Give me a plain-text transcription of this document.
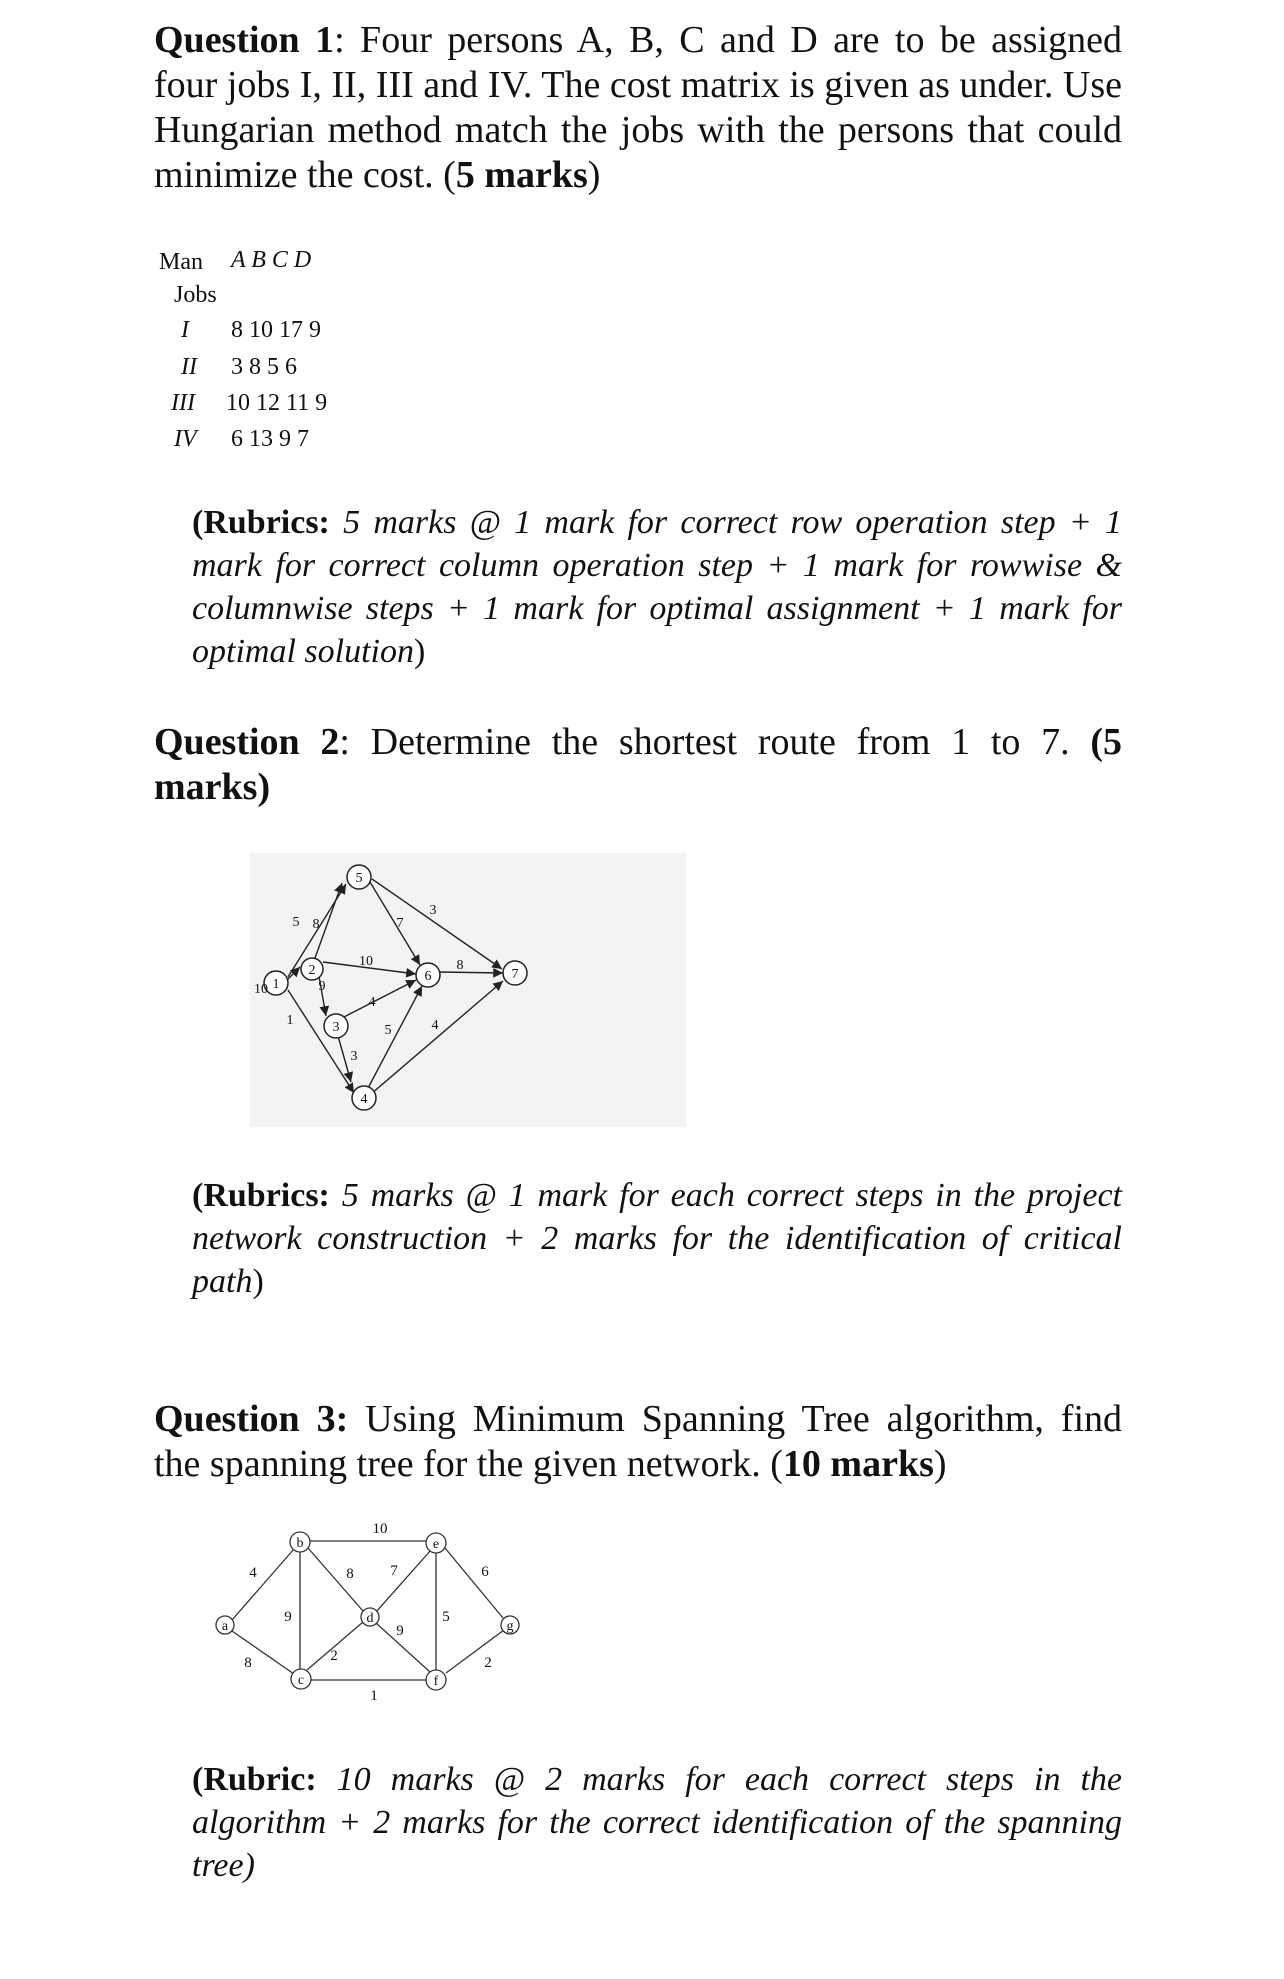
Question 1: Four persons A, B, C and D are to be assigned four jobs I, II, III and IV. The cost matrix is given as under. Use Hungarian method match the jobs with the persons that could minimize the cost. (5 marks)
Man A B C D
Jobs
I 8 10 17 9
II 3 8 5 6
III 10 12 11 9
IV 6 13 9 7
(Rubrics: 5 marks @ 1 mark for correct row operation step + 1 mark for correct column operation step + 1 mark for rowwise & columnwise steps + 1 mark for optimal assignment + 1 mark for optimal solution)
Question 2: Determine the shortest route from 1 to 7. (5 marks)
1
2
5
3
4
6	7
5 8
10
1
9
10
7
3
4
3
5
8
4
(Rubrics: 5 marks @ 1 mark for each correct steps in the project network construction + 2 marks for the identification of critical path)
Question 3: Using Minimum Spanning Tree algorithm, find the spanning tree for the given network. (10 marks)
a
b
c
d
e
f
g
4
8
9
10
8
2
1
7
9
5
6
2
(Rubric: 10 marks @ 2 marks for each correct steps in the algorithm + 2 marks for the correct identification of the spanning tree)
